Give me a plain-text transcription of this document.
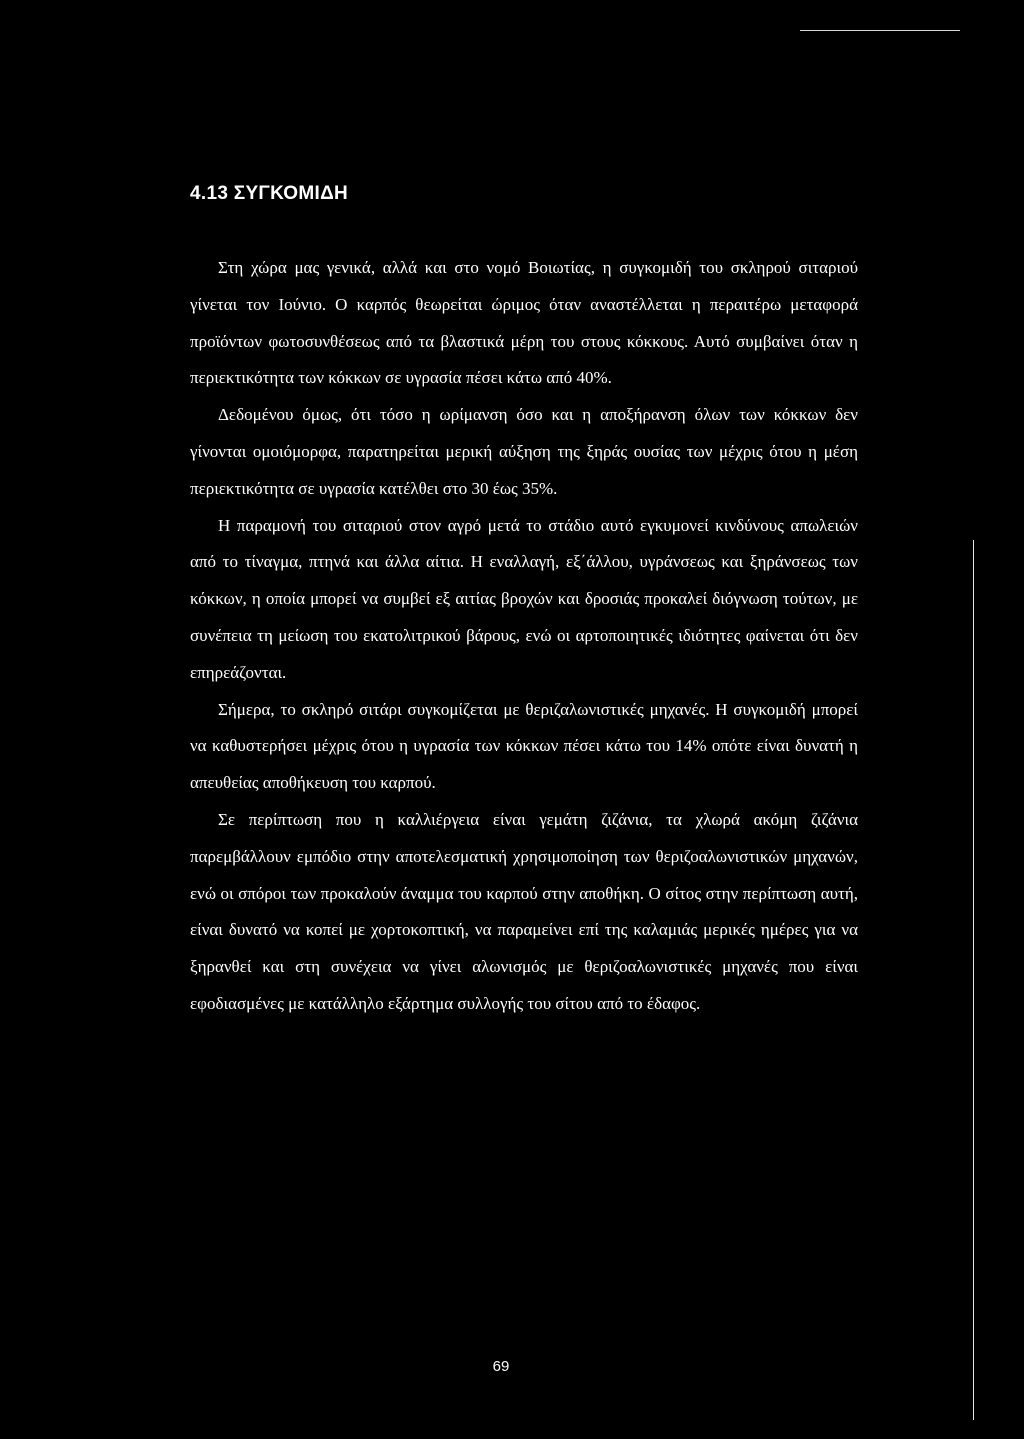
4.13 ΣΥΓΚΟΜΙΔΗ

Στη χώρα μας γενικά, αλλά και στο νομό Βοιωτίας, η συγκομιδή του σκληρού σιταριού γίνεται τον Ιούνιο. Ο καρπός θεωρείται ώριμος όταν αναστέλλεται η περαιτέρω μεταφορά προϊόντων φωτοσυνθέσεως από τα βλαστικά μέρη του στους κόκκους. Αυτό συμβαίνει όταν η περιεκτικότητα των κόκκων σε υγρασία πέσει κάτω από 40%.

Δεδομένου όμως, ότι τόσο η ωρίμανση όσο και η αποξήρανση όλων των κόκκων δεν γίνονται ομοιόμορφα, παρατηρείται μερική αύξηση της ξηράς ουσίας των μέχρις ότου η μέση περιεκτικότητα σε υγρασία κατέλθει στο 30 έως 35%.

Η παραμονή του σιταριού στον αγρό μετά το στάδιο αυτό εγκυμονεί κινδύνους απωλειών από το τίναγμα, πτηνά και άλλα αίτια. Η εναλλαγή, εξ΄άλλου, υγράνσεως και ξηράνσεως των κόκκων, η οποία μπορεί να συμβεί εξ αιτίας βροχών και δροσιάς προκαλεί διόγνωση τούτων, με συνέπεια τη μείωση του εκατολιτρικού βάρους, ενώ οι αρτοποιητικές ιδιότητες φαίνεται ότι δεν επηρεάζονται.

Σήμερα, το σκληρό σιτάρι συγκομίζεται με θεριζαλωνιστικές μηχανές. Η συγκομιδή μπορεί να καθυστερήσει μέχρις ότου η υγρασία των κόκκων πέσει κάτω του 14% οπότε είναι δυνατή η απευθείας αποθήκευση του καρπού.

Σε περίπτωση που η καλλιέργεια είναι γεμάτη ζιζάνια, τα χλωρά ακόμη ζιζάνια παρεμβάλλουν εμπόδιο στην αποτελεσματική χρησιμοποίηση των θεριζοαλωνιστικών μηχανών, ενώ οι σπόροι των προκαλούν άναμμα του καρπού στην αποθήκη. Ο σίτος στην περίπτωση αυτή, είναι δυνατό να κοπεί με χορτοκοπτική, να παραμείνει επί της καλαμιάς μερικές ημέρες για να ξηρανθεί και στη συνέχεια να γίνει αλωνισμός με θεριζοαλωνιστικές μηχανές που είναι εφοδιασμένες με κατάλληλο εξάρτημα συλλογής του σίτου από το έδαφος.

69
